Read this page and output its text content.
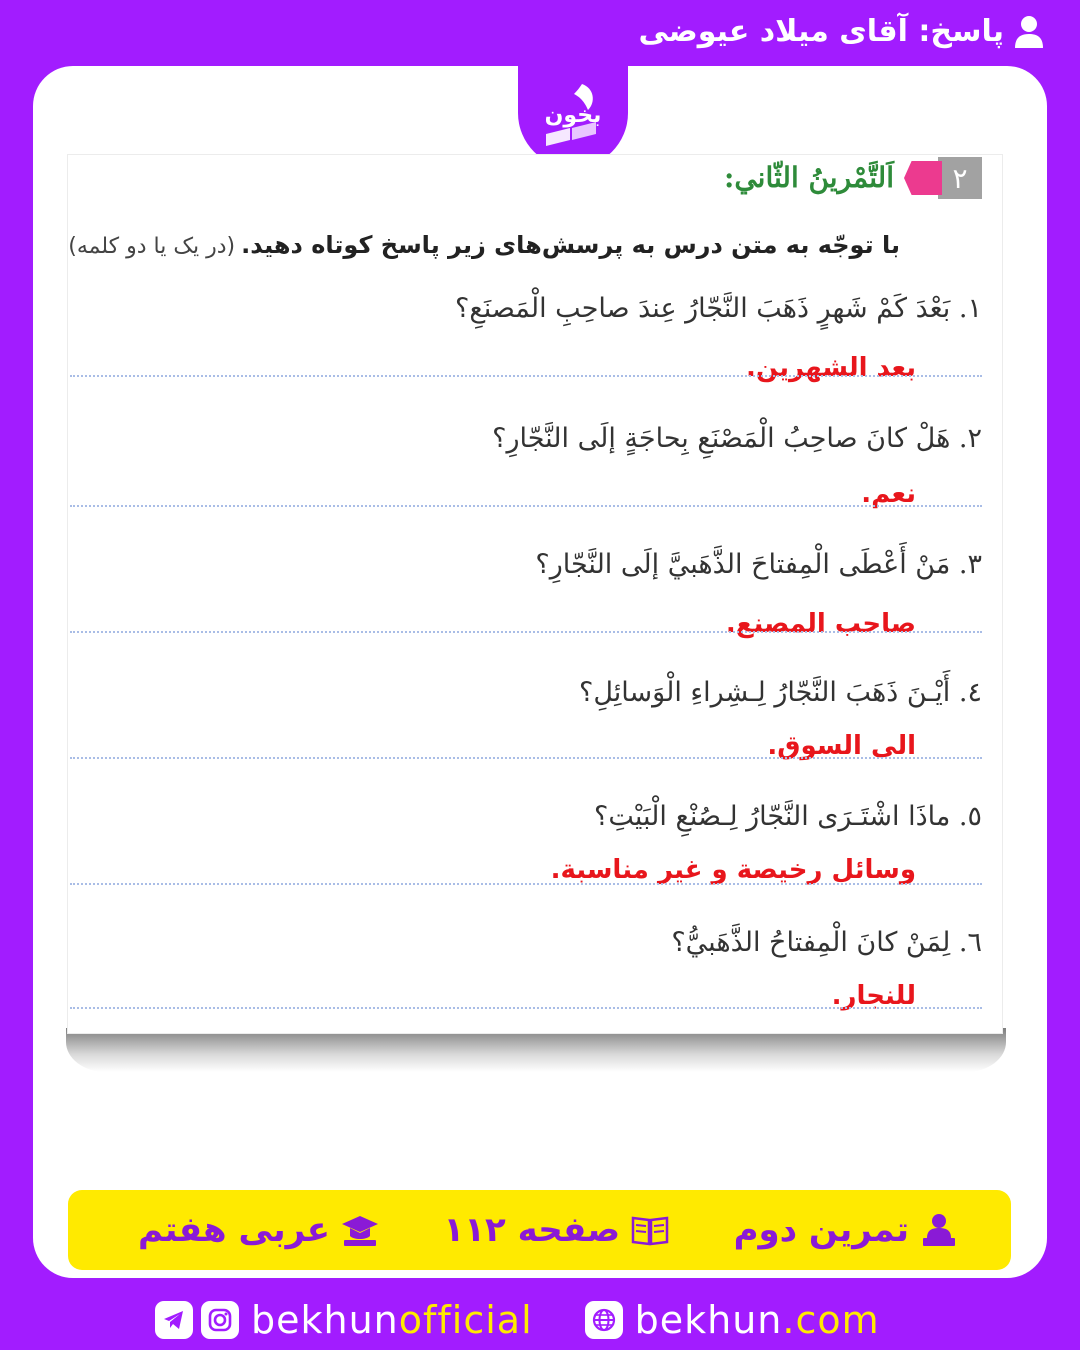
پاسخ: آقای میلاد عیوضی
بخون
۲
اَلتَّمْرينُ الثّاني:
با توجّه به متن درس به پرسش‌های زیر پاسخ کوتاه دهید.(در یک یا دو کلمه)
١. بَعْدَ كَمْ شَهرٍ ذَهَبَ النَّجّارُ عِندَ صاحِبِ الْمَصنَعِ؟
بعد الشهرين.
٢. هَلْ كانَ صاحِبُ الْمَصْنَعِ بِحاجَةٍ إلَى النَّجّارِ؟
نعم.
٣. مَنْ أَعْطَى الْمِفتاحَ الذَّهَبيَّ إلَى النَّجّارِ؟
صاحب المصنع.
٤. أَيْـنَ ذَهَبَ النَّجّارُ لِـشِراءِ الْوَسائِلِ؟
الى السوق.
٥. ماذَا اشْتَـرَى النَّجّارُ لِـصُنْعِ الْبَيْتِ؟
وسائل رخيصة و غير مناسبة.
٦. لِمَنْ كانَ الْمِفتاحُ الذَّهَبيُّ؟
للنجار.
تمرین دوم
صفحه ۱۱۲
عربی هفتم
bekhunofficial	bekhun.com
